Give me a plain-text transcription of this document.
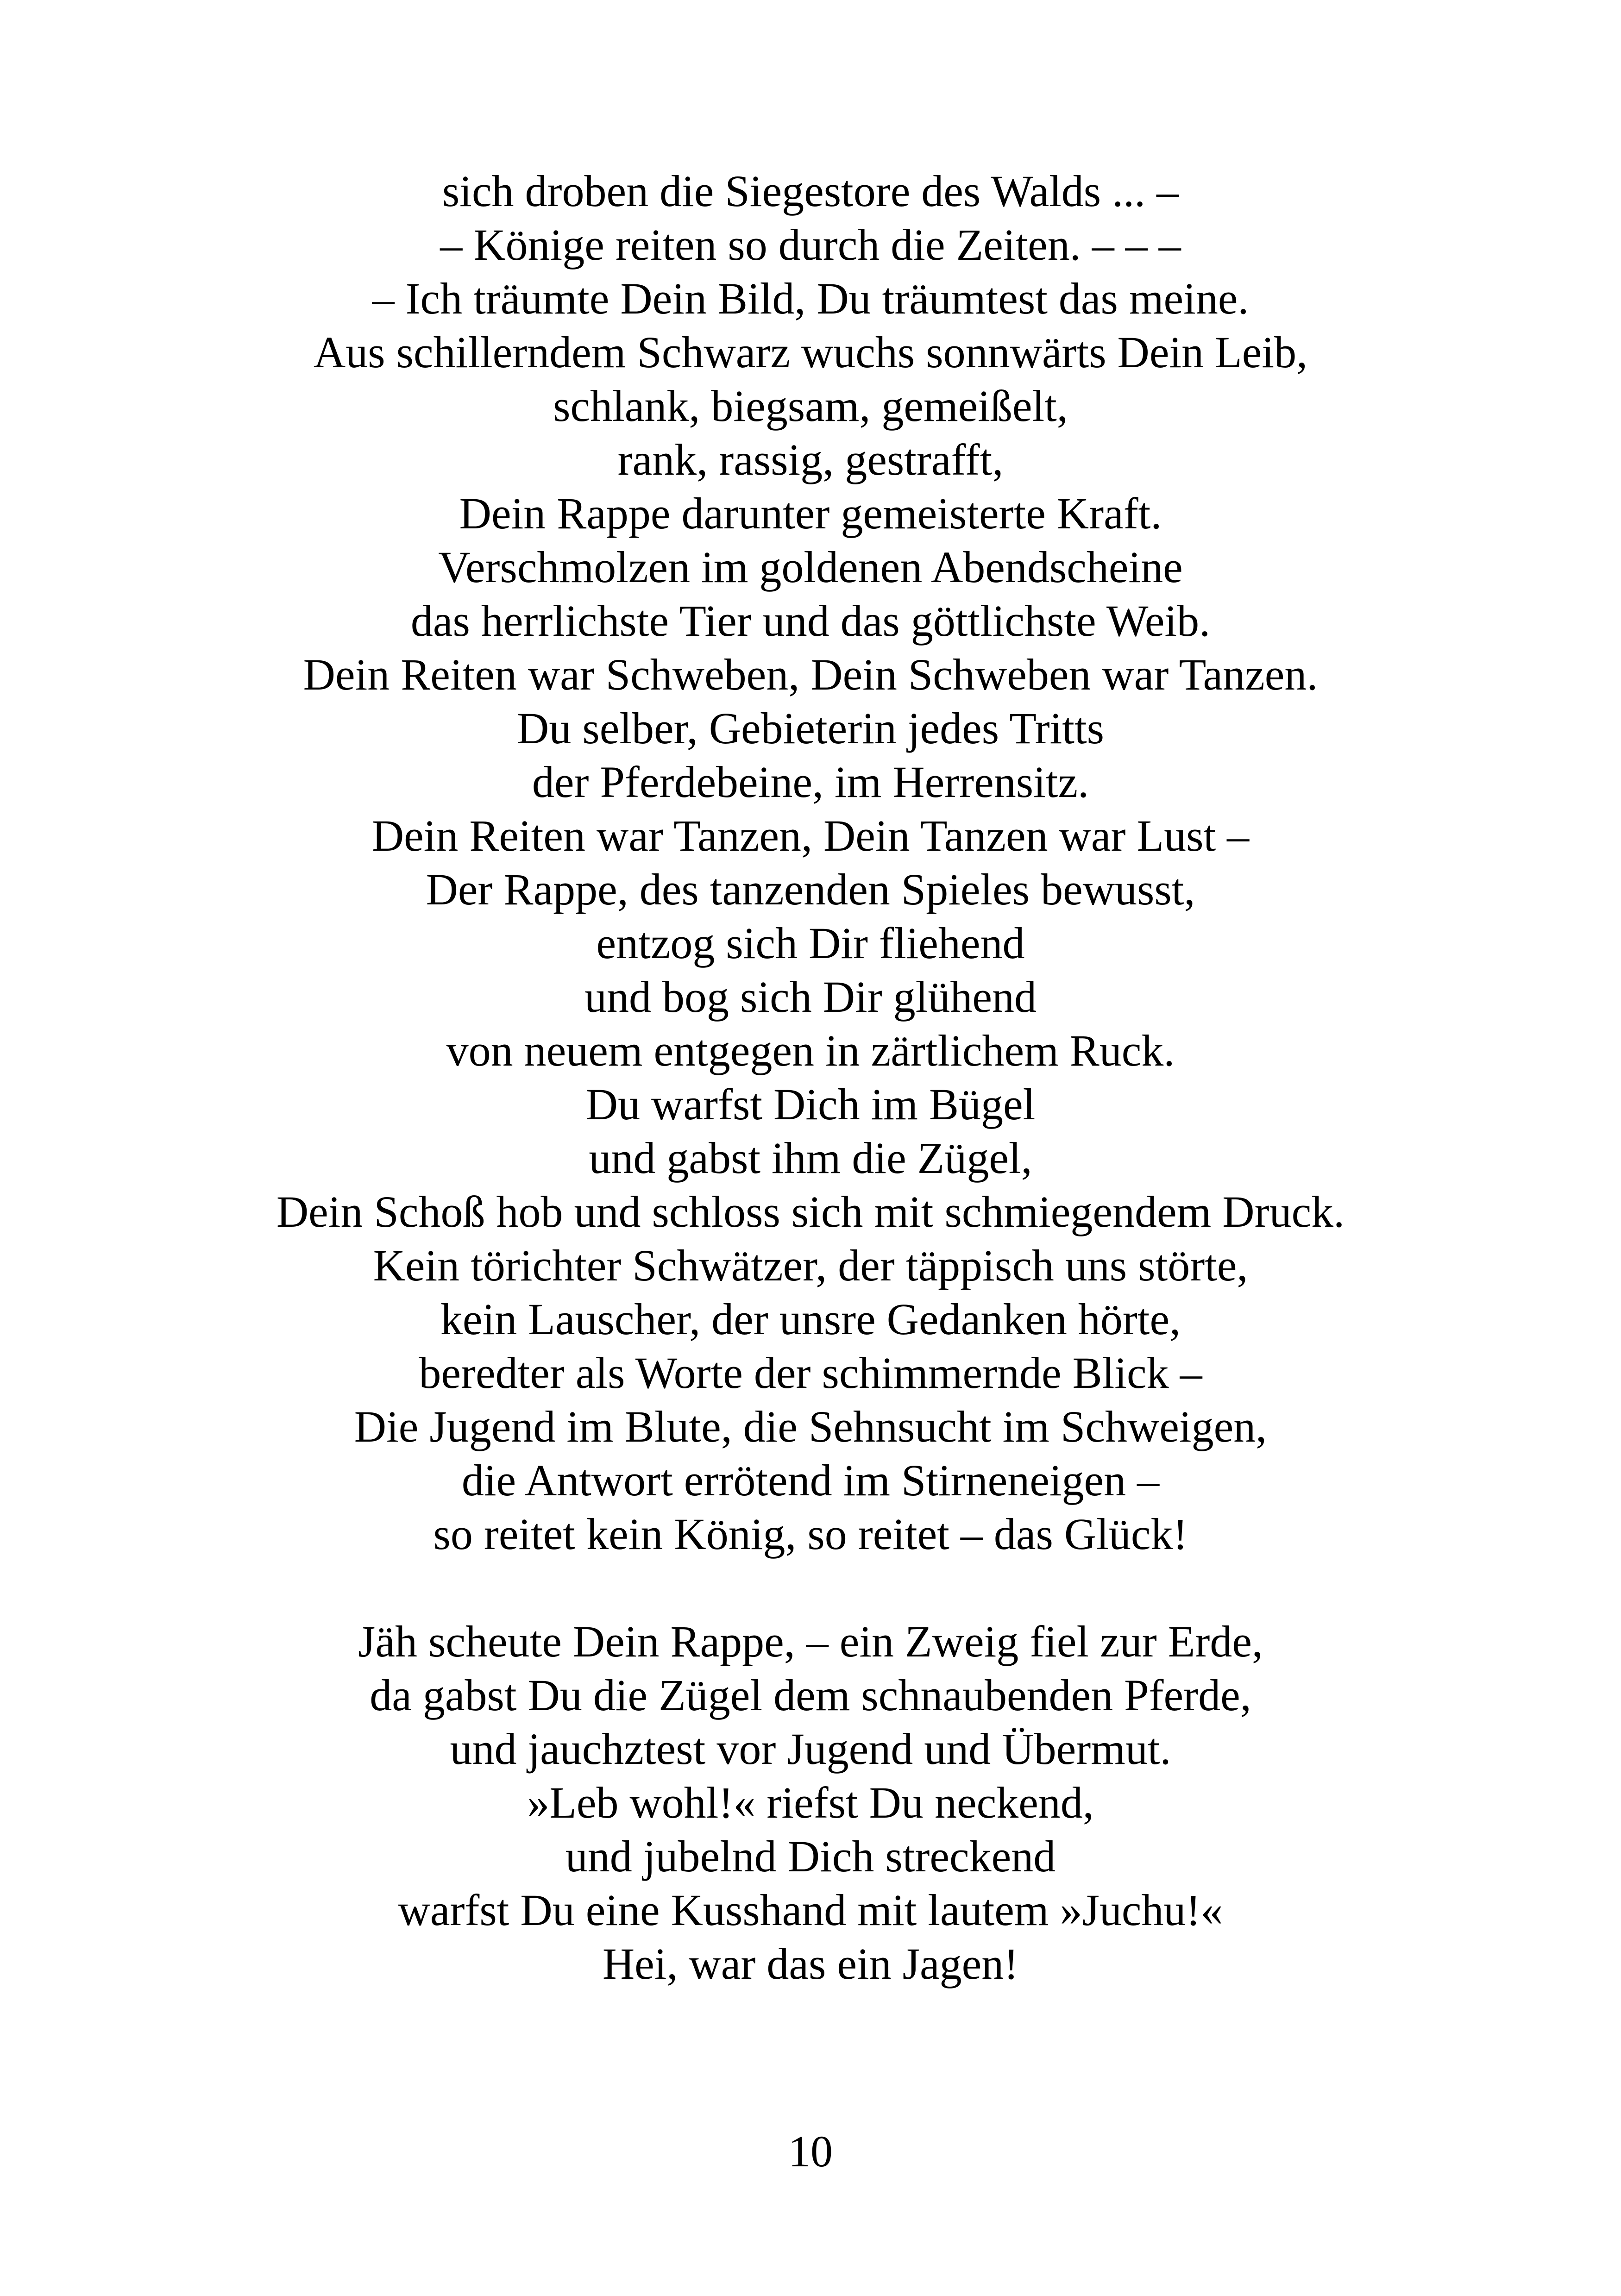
sich droben die Siegestore des Walds ... –
– Könige reiten so durch die Zeiten. – – –
– Ich träumte Dein Bild, Du träumtest das meine.
Aus schillerndem Schwarz wuchs sonnwärts Dein Leib,
schlank, biegsam, gemeißelt,
rank, rassig, gestrafft,
Dein Rappe darunter gemeisterte Kraft.
Verschmolzen im goldenen Abendscheine
das herrlichste Tier und das göttlichste Weib.
Dein Reiten war Schweben, Dein Schweben war Tanzen.
Du selber, Gebieterin jedes Tritts
der Pferdebeine, im Herrensitz.
Dein Reiten war Tanzen, Dein Tanzen war Lust –
Der Rappe, des tanzenden Spieles bewusst,
entzog sich Dir fliehend
und bog sich Dir glühend
von neuem entgegen in zärtlichem Ruck.
Du warfst Dich im Bügel
und gabst ihm die Zügel,
Dein Schoß hob und schloss sich mit schmiegendem Druck.
Kein törichter Schwätzer, der täppisch uns störte,
kein Lauscher, der unsre Gedanken hörte,
beredter als Worte der schimmernde Blick –
Die Jugend im Blute, die Sehnsucht im Schweigen,
die Antwort errötend im Stirneneigen –
so reitet kein König, so reitet – das Glück!
Jäh scheute Dein Rappe, – ein Zweig fiel zur Erde,
da gabst Du die Zügel dem schnaubenden Pferde,
und jauchztest vor Jugend und Übermut.
»Leb wohl!« riefst Du neckend,
und jubelnd Dich streckend
warfst Du eine Kusshand mit lautem »Juchu!«
Hei, war das ein Jagen!
10
